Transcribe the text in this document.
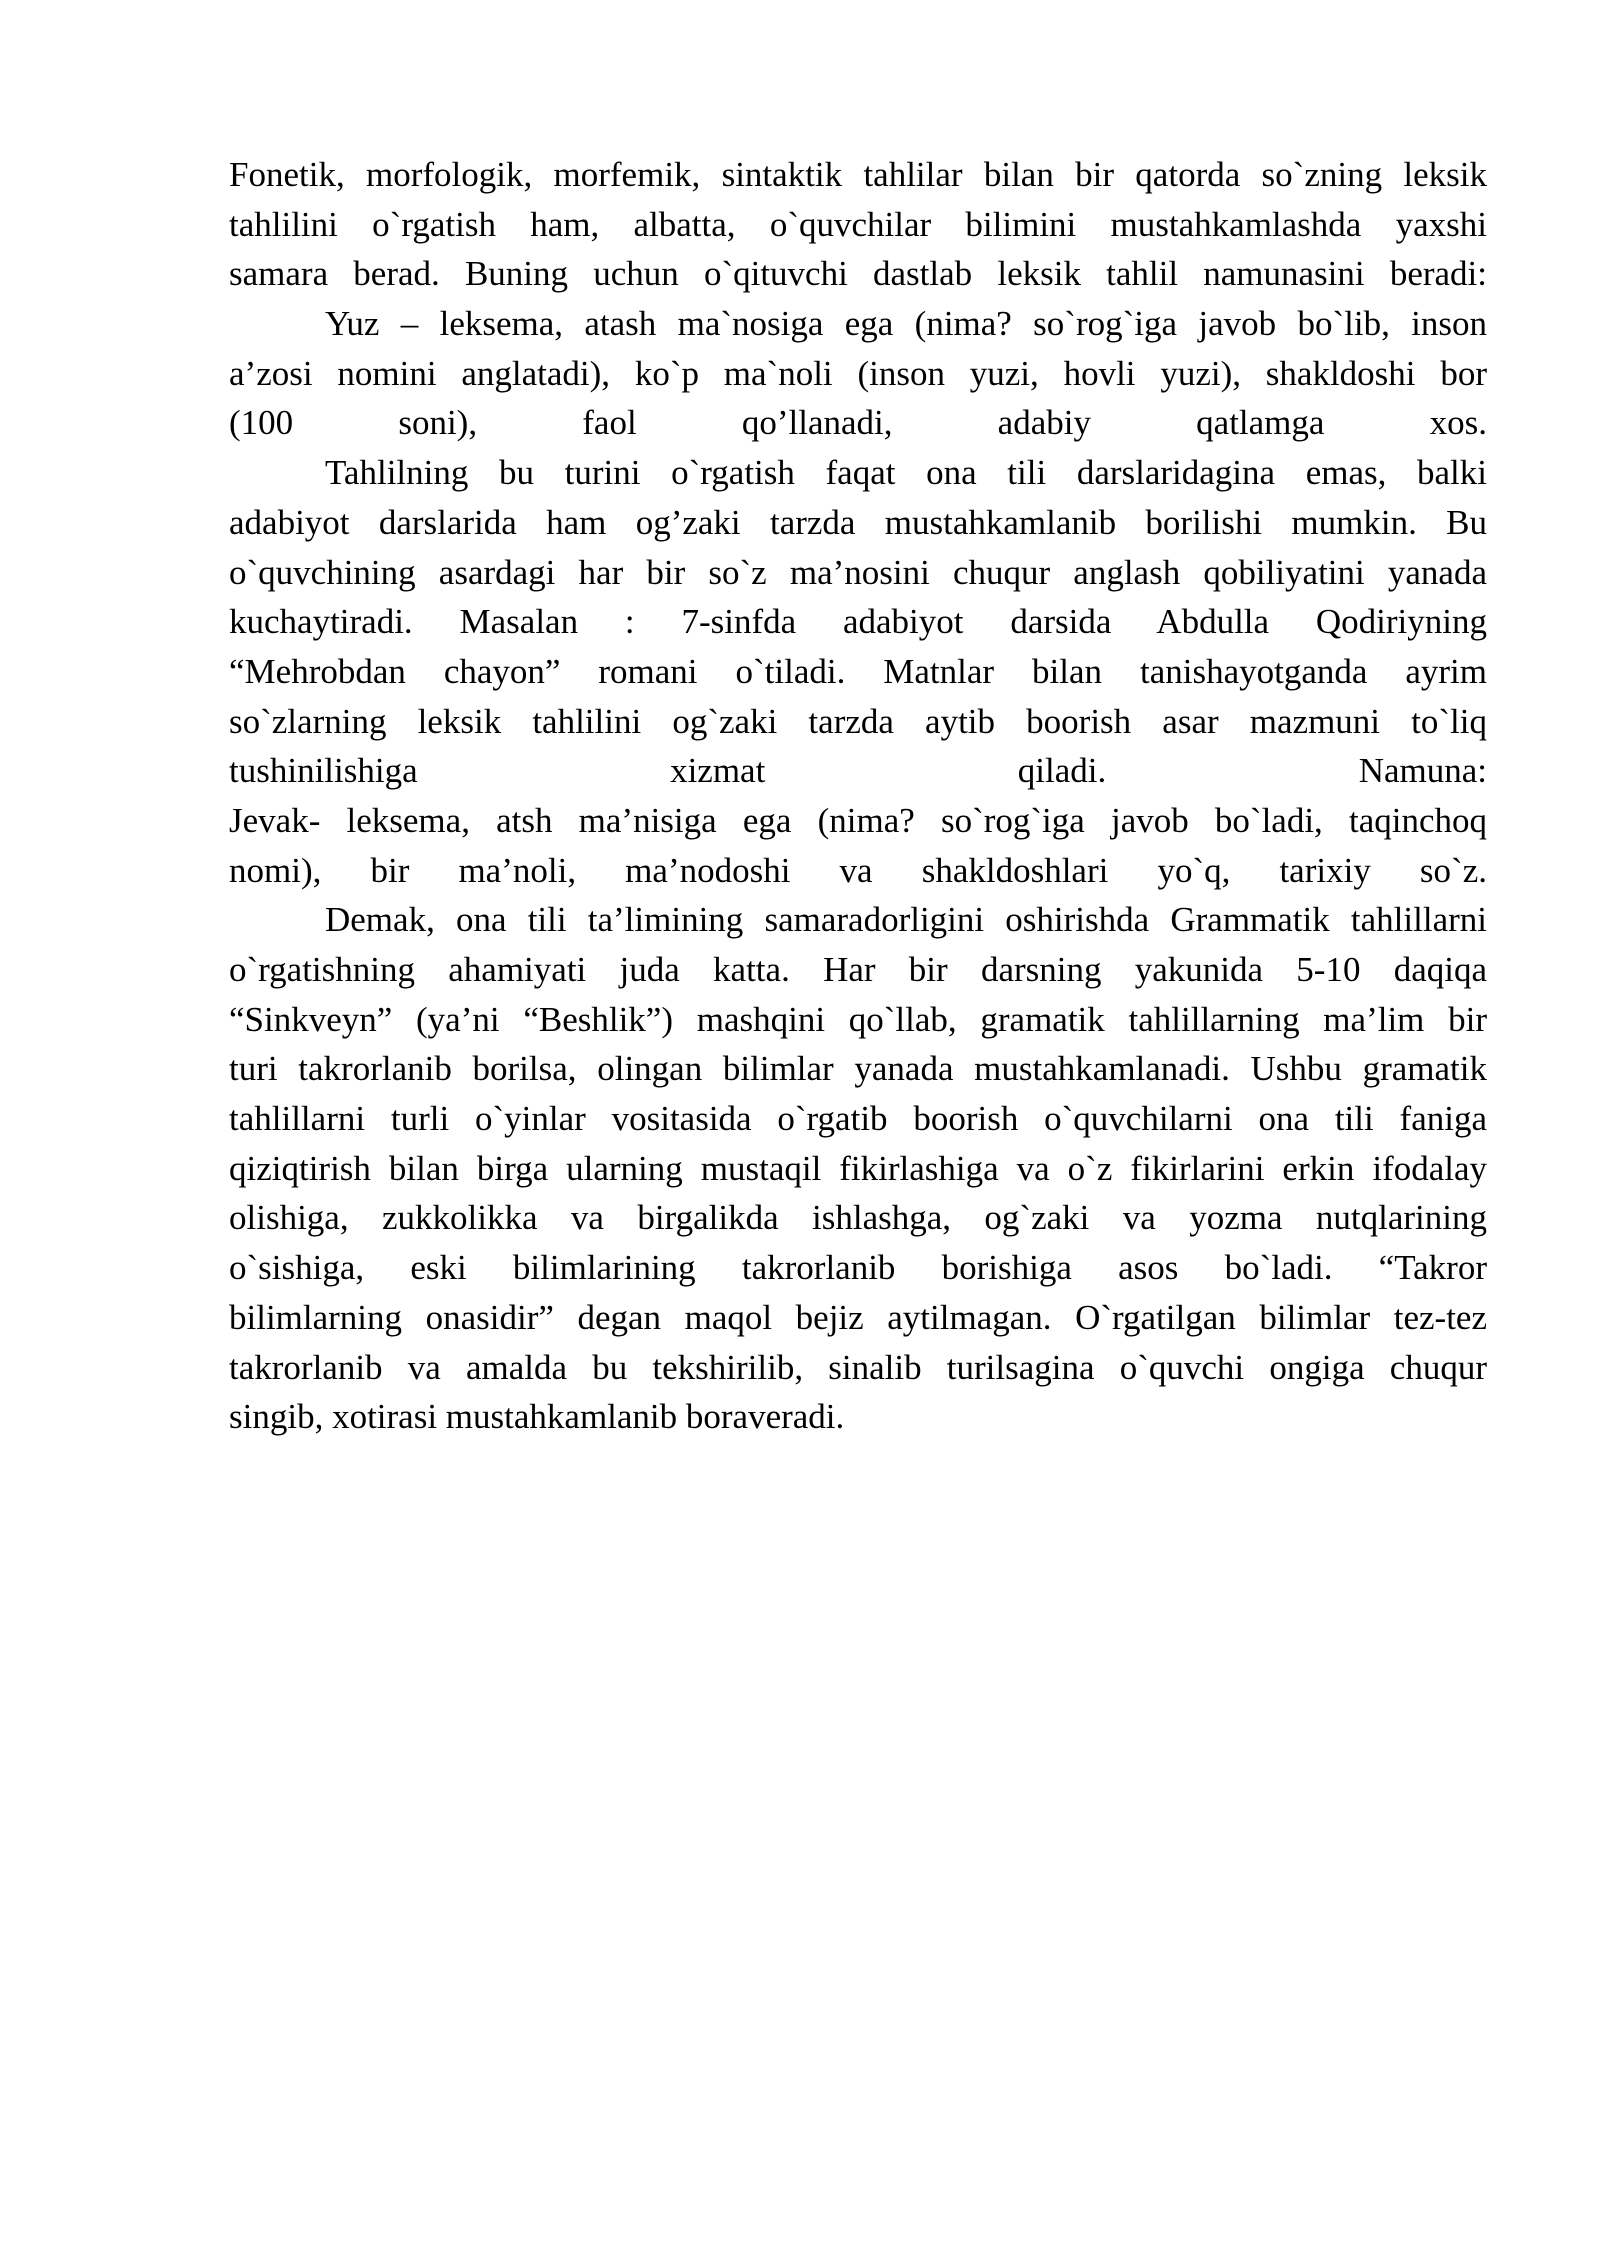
Fonetik, morfologik, morfemik, sintaktik tahlilar bilan bir qatorda so`zning leksik
tahlilini o`rgatish ham, albatta, o`quvchilar bilimini mustahkamlashda yaxshi
samara berad. Buning uchun o`qituvchi dastlab leksik tahlil namunasini beradi:
Yuz – leksema, atash ma`nosiga ega (nima? so`rog`iga javob bo`lib, inson
a’zosi nomini anglatadi), ko`p ma`noli (inson yuzi, hovli yuzi), shakldoshi bor
(100 soni), faol qo’llanadi, adabiy qatlamga xos.
Tahlilning bu turini o`rgatish faqat ona tili darslaridagina emas, balki
adabiyot darslarida ham og’zaki tarzda mustahkamlanib borilishi mumkin. Bu
o`quvchining asardagi har bir so`z ma’nosini chuqur anglash qobiliyatini yanada
kuchaytiradi. Masalan : 7-sinfda adabiyot darsida Abdulla Qodiriyning
“Mehrobdan chayon” romani o`tiladi. Matnlar bilan tanishayotganda ayrim
so`zlarning leksik tahlilini og`zaki tarzda aytib boorish asar mazmuni to`liq
tushinilishiga xizmat qiladi. Namuna:
Jevak- leksema, atsh ma’nisiga ega (nima? so`rog`iga javob bo`ladi, taqinchoq
nomi), bir ma’noli, ma’nodoshi va shakldoshlari yo`q, tarixiy so`z.
Demak, ona tili ta’limining samaradorligini oshirishda Grammatik tahlillarni
o`rgatishning ahamiyati juda katta. Har bir darsning yakunida 5-10 daqiqa
“Sinkveyn” (ya’ni “Beshlik”) mashqini qo`llab, gramatik tahlillarning ma’lim bir
turi takrorlanib borilsa, olingan bilimlar yanada mustahkamlanadi. Ushbu gramatik
tahlillarni turli o`yinlar vositasida o`rgatib boorish o`quvchilarni ona tili faniga
qiziqtirish bilan birga ularning mustaqil fikirlashiga va o`z fikirlarini erkin ifodalay
olishiga, zukkolikka va birgalikda ishlashga, og`zaki va yozma nutqlarining
o`sishiga, eski bilimlarining takrorlanib borishiga asos bo`ladi. “Takror
bilimlarning onasidir” degan maqol bejiz aytilmagan. O`rgatilgan bilimlar tez-tez
takrorlanib va amalda bu tekshirilib, sinalib turilsagina o`quvchi ongiga chuqur
singib, xotirasi mustahkamlanib boraveradi.
